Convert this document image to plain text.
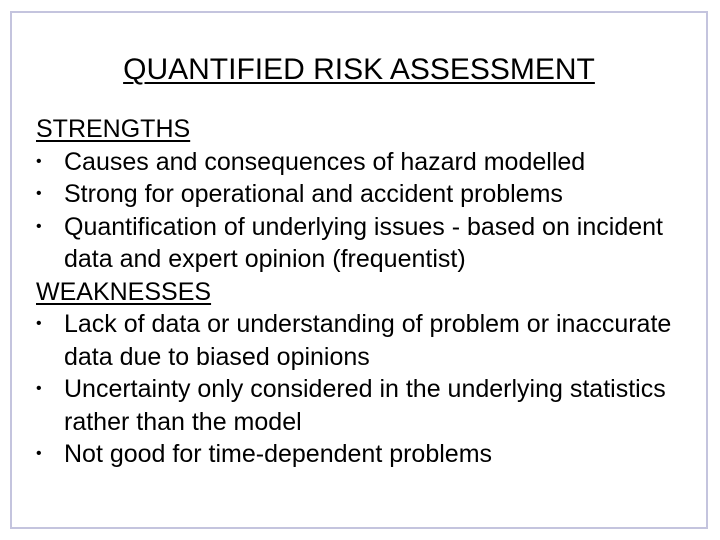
QUANTIFIED RISK ASSESSMENT
STRENGTHS
• Causes and consequences of hazard modelled
• Strong for operational and accident problems
• Quantification of underlying issues - based on incident data and expert opinion (frequentist)
WEAKNESSES
• Lack of data or understanding of problem or inaccurate data due to biased opinions
• Uncertainty only considered in the underlying statistics rather than the model
• Not good for time-dependent problems
